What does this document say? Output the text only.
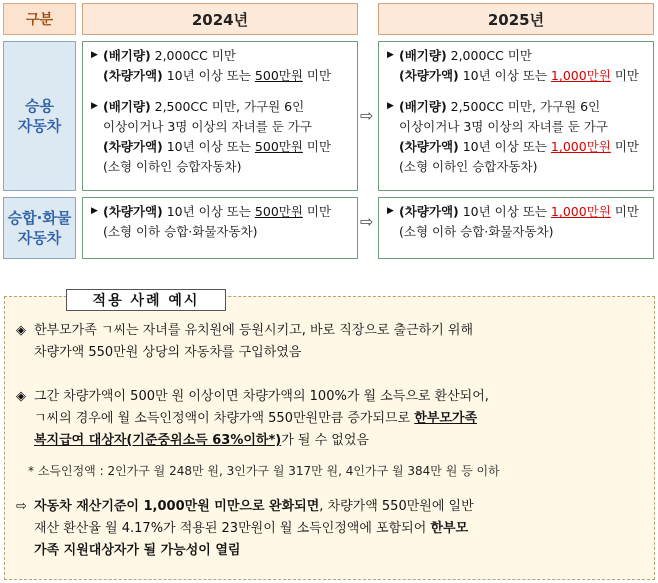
구분	2024년	2025년
승용
자동차
▶ (배기량) 2,000CC 미만
(차량가액) 10년 이상 또는 500만원 미만
▶ (배기량) 2,500CC 미만, 가구원 6인
이상이거나 3명 이상의 자녀를 둔 가구
(차량가액) 10년 이상 또는 500만원 미만
(소형 이하인 승합자동차)
⇨
▶ (배기량) 2,000CC 미만
(차량가액) 10년 이상 또는 1,000만원 미만
▶ (배기량) 2,500CC 미만, 가구원 6인
이상이거나 3명 이상의 자녀를 둔 가구
(차량가액) 10년 이상 또는 1,000만원 미만
(소형 이하인 승합자동차)
승합·화물
자동차
▶ (차량가액) 10년 이상 또는 500만원 미만
(소형 이하 승합·화물자동차)
⇨
▶ (차량가액) 10년 이상 또는 1,000만원 미만
(소형 이하 승합·화물자동차)
적용 사례 예시
◈ 한부모가족 ㄱ씨는 자녀를 유치원에 등원시키고, 바로 직장으로 출근하기 위해
차량가액 550만원 상당의 자동차를 구입하였음
◈ 그간 차량가액이 500만 원 이상이면 차량가액의 100%가 월 소득으로 환산되어,
ㄱ씨의 경우에 월 소득인정액이 차량가액 550만원만큼 증가되므로 한부모가족
복지급여 대상자(기준중위소득 63%이하*)가 될 수 없었음
* 소득인정액 : 2인가구 월 248만 원, 3인가구 월 317만 원, 4인가구 월 384만 원 등 이하
⇨ 자동차 재산기준이 1,000만원 미만으로 완화되면, 차량가액 550만원에 일반
재산 환산율 월 4.17%가 적용된 23만원이 월 소득인정액에 포함되어 한부모
가족 지원대상자가 될 가능성이 열림
